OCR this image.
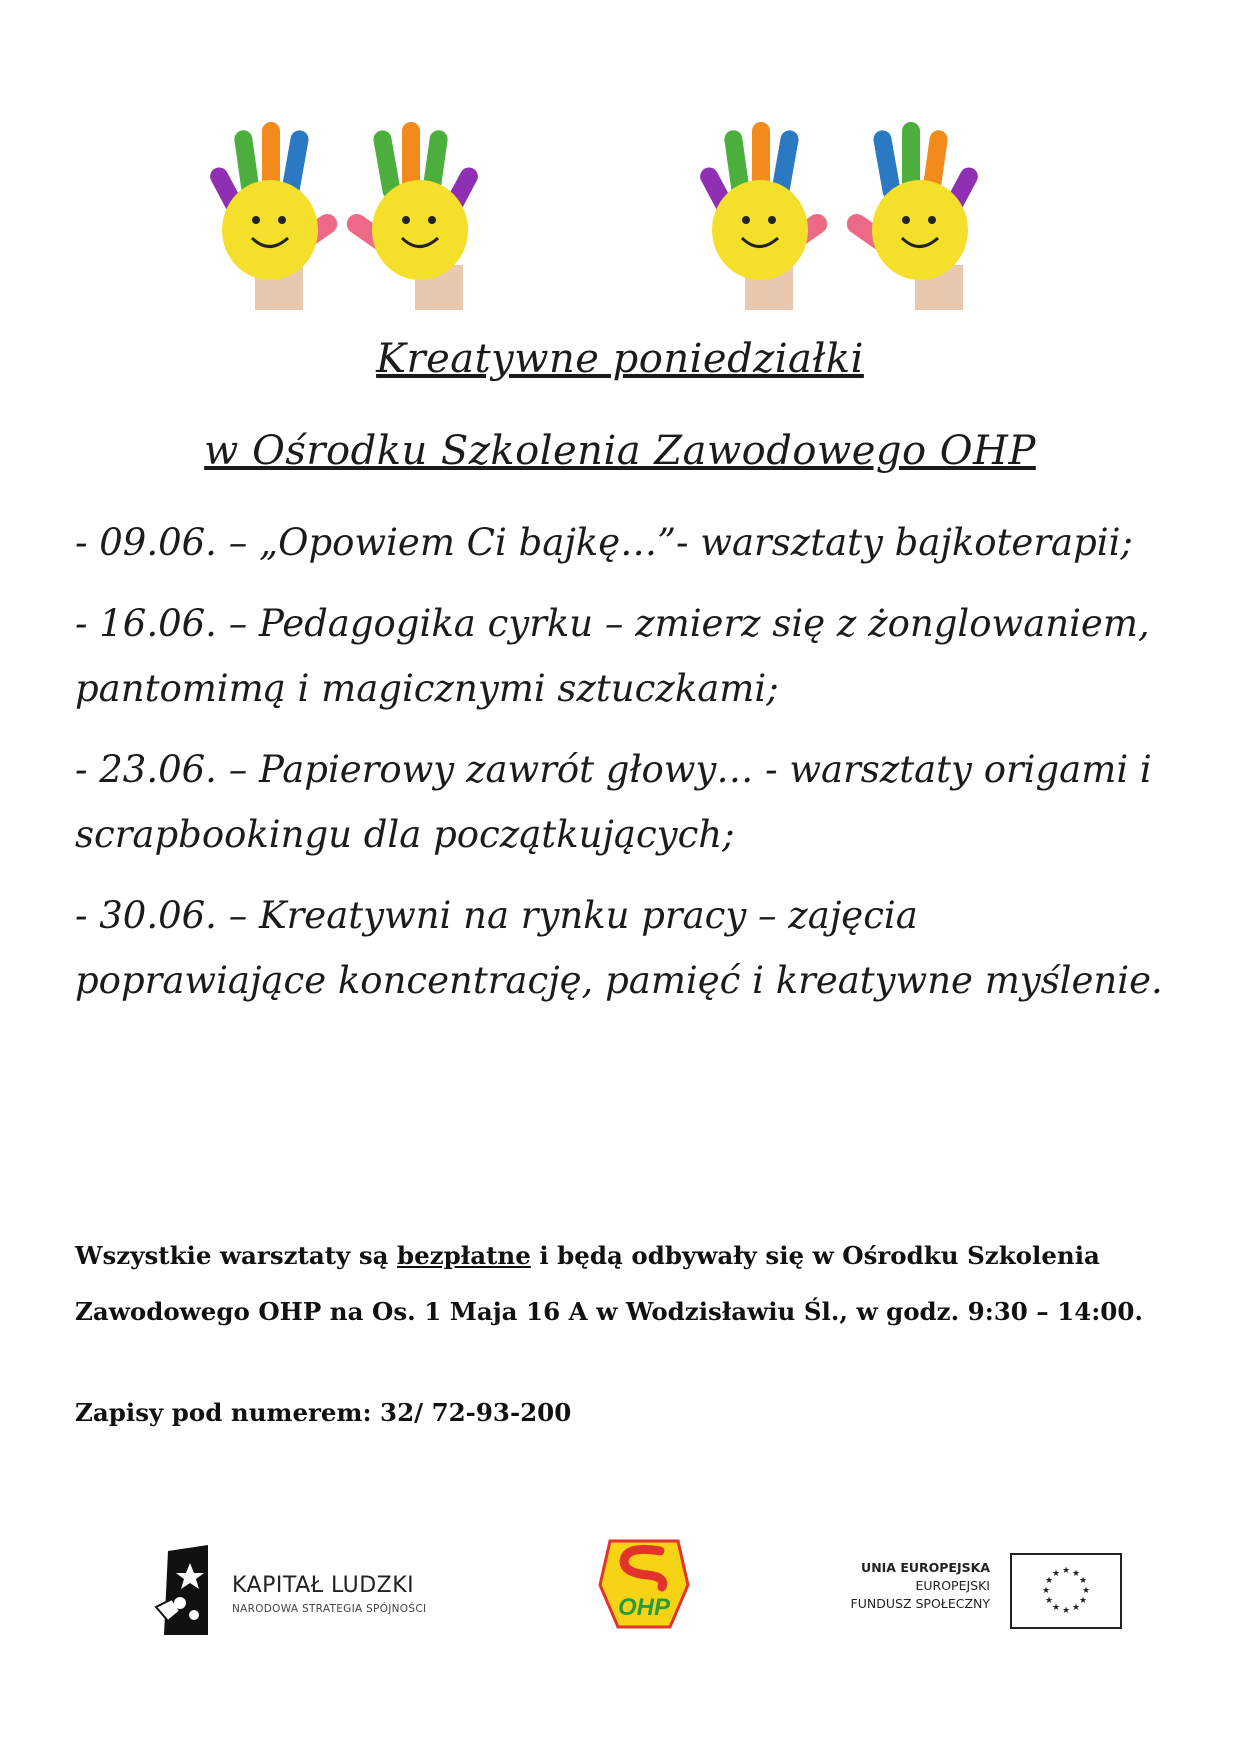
Kreatywne poniedziałki
w Ośrodku Szkolenia Zawodowego OHP

- 09.06. – „Opowiem Ci bajkę…”- warsztaty bajkoterapii;

- 16.06. – Pedagogika cyrku – zmierz się z żonglowaniem, pantomimą i magicznymi sztuczkami;

- 23.06. – Papierowy zawrót głowy… - warsztaty origami i scrapbookingu dla początkujących;

- 30.06. – Kreatywni na rynku pracy – zajęcia poprawiające koncentrację, pamięć i kreatywne myślenie.

Wszystkie warsztaty są bezpłatne i będą odbywały się w Ośrodku Szkolenia Zawodowego OHP na Os. 1 Maja 16 A w Wodzisławiu Śl., w godz. 9:30 – 14:00.
Zapisy pod numerem: 32/ 72-93-200
KAPITAŁ LUDZKI
NARODOWA STRATEGIA SPÓJNOŚCI	OHP
UNIA EUROPEJSKA
EUROPEJSKI
FUNDUSZ SPOŁECZNY
★ ★
★
★
★
★
★
★
★
★
★
★
